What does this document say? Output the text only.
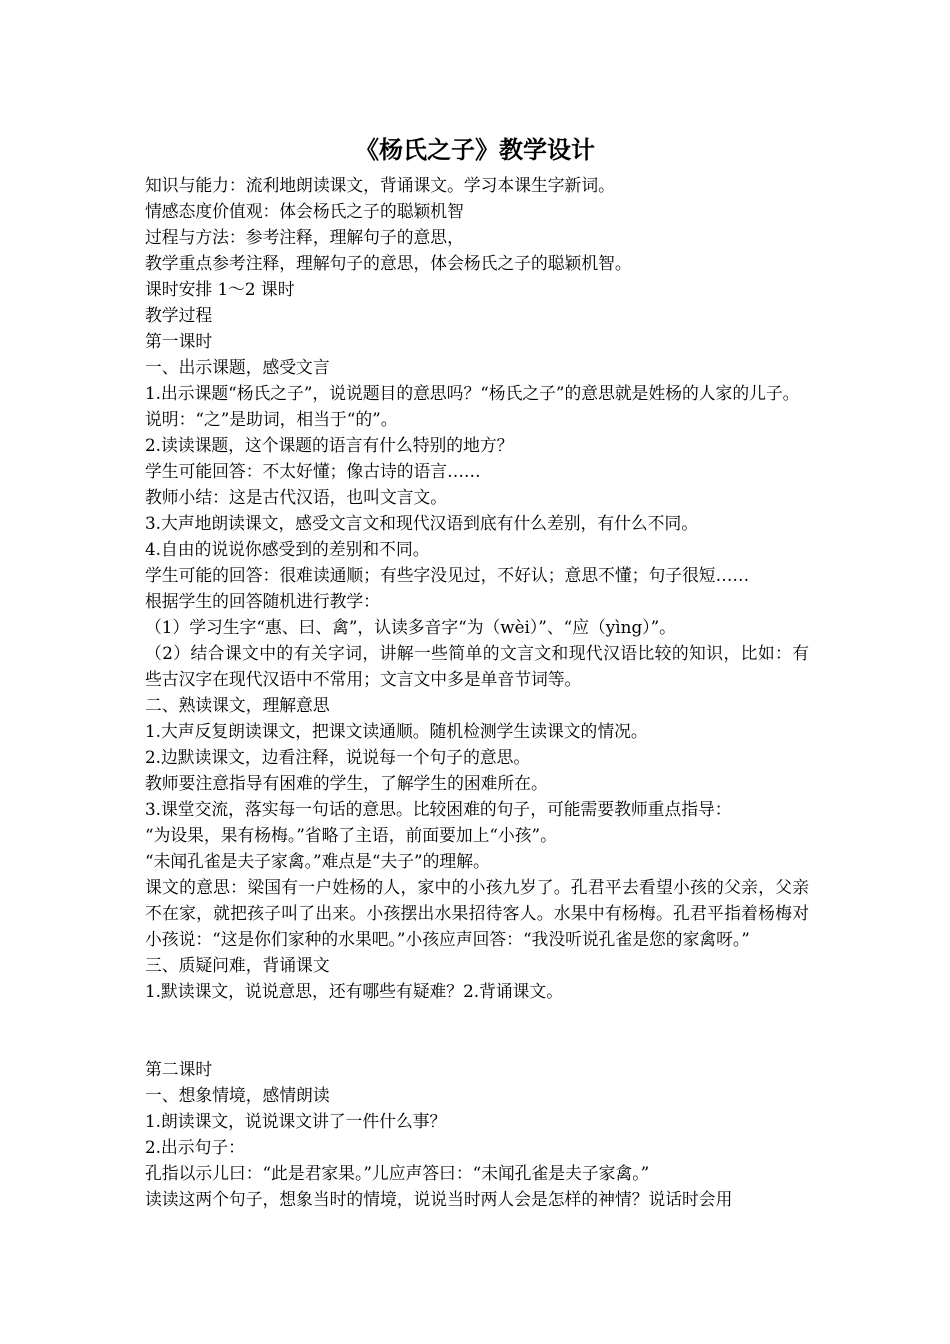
《杨氏之子》教学设计

知识与能力：流利地朗读课文，背诵课文。学习本课生字新词。

情感态度价值观：体会杨氏之子的聪颖机智

过程与方法：参考注释，理解句子的意思，

教学重点参考注释，理解句子的意思，体会杨氏之子的聪颖机智。

课时安排 1～2 课时

教学过程

第一课时

一、出示课题，感受文言

1.出示课题“杨氏之子”，说说题目的意思吗？“杨氏之子”的意思就是姓杨的人家的儿子。

说明：“之”是助词，相当于“的”。

2.读读课题，这个课题的语言有什么特别的地方？

学生可能回答：不太好懂；像古诗的语言……

教师小结：这是古代汉语，也叫文言文。

3.大声地朗读课文，感受文言文和现代汉语到底有什么差别，有什么不同。

4.自由的说说你感受到的差别和不同。

学生可能的回答：很难读通顺；有些字没见过，不好认；意思不懂；句子很短……

根据学生的回答随机进行教学：

（1）学习生字“惠、曰、禽”，认读多音字“为（wèi）”、“应（yìng）”。

（2）结合课文中的有关字词，讲解一些简单的文言文和现代汉语比较的知识，比如：有些古汉字在现代汉语中不常用；文言文中多是单音节词等。

二、熟读课文，理解意思

1.大声反复朗读课文，把课文读通顺。随机检测学生读课文的情况。

2.边默读课文，边看注释，说说每一个句子的意思。

教师要注意指导有困难的学生，了解学生的困难所在。

3.课堂交流，落实每一句话的意思。比较困难的句子，可能需要教师重点指导：

“为设果，果有杨梅。”省略了主语，前面要加上“小孩”。

“未闻孔雀是夫子家禽。”难点是“夫子”的理解。

课文的意思：梁国有一户姓杨的人，家中的小孩九岁了。孔君平去看望小孩的父亲，父亲不在家，就把孩子叫了出来。小孩摆出水果招待客人。水果中有杨梅。孔君平指着杨梅对小孩说：“这是你们家种的水果吧。”小孩应声回答：“我没听说孔雀是您的家禽呀。”

三、质疑问难，背诵课文

1.默读课文，说说意思，还有哪些有疑难？2.背诵课文。

第二课时

一、想象情境，感情朗读

1.朗读课文，说说课文讲了一件什么事？

2.出示句子：

孔指以示儿曰：“此是君家果。”儿应声答曰：“未闻孔雀是夫子家禽。”

读读这两个句子，想象当时的情境，说说当时两人会是怎样的神情？说话时会用
